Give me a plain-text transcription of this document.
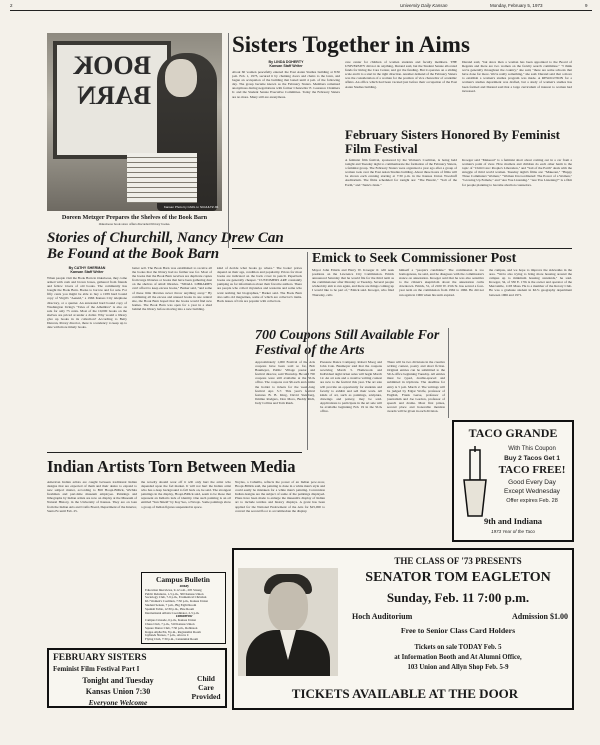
2	University Daily Kansan	Monday, February 5, 1973	9
BOOK
BARN
Kansan Photo by CARL H. SCHULTZ JR.
Doreen Metzger Prepares the Shelves of the Book Barn
Oskaloosa book store offers discarded library books.
Stories of Churchill, Nancy Drew Can Be Found at the Book Barn
By CATHY SHERMAN
Kansan Staff Writer
When people visit the Book Barn in Oskaloosa, they come armed with cash and brown boxes, gathered from friends and fellow lovers of old books. The community has bought the Book Barn. Books to borrow and for sale. For fifty cents you might be able to buy a 1939 hard bound copy of Virgil's "Aeneid," a 1966 Kansas City telephone directory, or a quarter. An annotated hard bound copy of Washington Irving's "Tales of the Alhambra" is also on sale for only 75 cents. Most of the 10,000 books on the shelves are priced at under a dollar. Why would a library give up books in its collection? According to Betty Duncan, library director, there is a tendency to keep up to date with more timely books.
better sell. The Book Barn was established to receive all the books that the library had no further use for. Most of the books that the Book Barn receives are duplicate copies from large libraries or books that have been gathering dust on the shelves of small libraries. "SMALL LIBRARIES can't afford to keep excess books," Barker said, "and some of these little libraries never throw anything away." By combining all the excess and unused books in one central site, the Book Barn hoped that the books would find new homes. The Book Barn was open for a year in a shed behind the library before moving into a new building.
kind of decide what books go where." The books' prices depend on their age, condition and popularity. Prices for most books are indicated on the back cover in pencil. Paperback books are generally cheaper. "CUSTOMERS ARE constantly pumping us for information about their favorite authors. There are people who collect mysteries and westerns and some who want nothing but biographies," Barker said. The Book Barn also sells old magazines, some of which are collector's items. Back issues of Life are popular with collectors.
Sisters Together in Aims
By LINDA DOHERTY
Kansan Staff Writer
About 60 women peacefully entered the East Asian Studies building at 8:30 p.m. Feb. 1, 1973, secured it by chaining doors and chairs to the lawn, and began an occupation of the building that lasted until 4 p.m. of the following day. The group became known as the February Sisters. Members remained anonymous during negotiations with former Chancellor E. Laurence Chalmers Jr. and the Student Senate Executive Committee. Today the February Sisters are no more. Many still are anonymous.
care center for children of women students and faculty members. THE UNIVERSITY did not do anything, Durand said, but the Student Senate allocated funds for hiring the Care Center, and got the funding. But it operates on a sliding scale and it is a start in the right direction. Another demand of the February Sisters was the consideration of a woman for the position of vice chancellor of academic affairs. An office which had been vacated just before their occupation of the East Asian Studies building.
Durand said, "but since then a woman has been appointed to the Board of Regents and there are two women on the faculty search committee." "I think we're generally throughout the country," she said, "there are some schools that have done far more. We're really something," she said. Durand said that a move to establish a women's studies program was made. A RESOLUTION for a women's studies department was drafted, but a study of women's studies has been formed and Durand said that a large curriculum of interest to women had increased.
February Sisters Honored By Feminist Film Festival
A feminist film festival, sponsored by the Women's Coalition, is being held tonight and Tuesday night to commemorate the formation of the February Sisters, a feminist group. The February Sisters were organized a year ago after a group of women took over the East Asian Studies building. About three hours of films will be shown each evening starting at 7:30 p.m. in the Kansas Union Woodruff Auditorium. The films scheduled for tonight are: "The Heretic," "Salt of the Earth," and "Janie's Janie."
Kroeger said "Makeout" is a feminist short about coming out in a car from a woman's point of view. How mothers and children do each other harm is the topic of "Child Care: People's Liberation," and "Salt of the Earth" deals with the struggle of third world women. Tuesday night's films are: "Makeout," "Happy Three Commuters' Women," "Women Uncoordinated: The Power of a Woman," "Growing Up Female," and "Are You Listening." "Are You Listening?" is a film for people planning to become abortion counselors.
Emick to Seek Commissioner Post
Mayor John Emick and Harry W. Kroeger Jr. will seek positions on the Lawrence City Commission. Emick announced Saturday that he would file for the third term as the commissioner after Monday or Tuesday. Several people wished my aim to run again, and there are things coming up I would like to be part of," Emick said. Kroeger, who filed Thursday, calls
himself a "people's candidate." The commission is too homogenous, he said, and he disagrees with the commission's stance on annexation. Kroeger said that he was also sensitive to the citizen's skepticism about the annexation curbs downtown. Emick, 51, of 2100 W. 25th St. has served a four-year term on the commission from 1962 to 1966. He did not run again in 1966 when his term expired.
the campus, and we hope to improve the sidewalks in the area. "We're also trying to bring more housing around the campus up to minimum housing standards," he said. Kroeger, 34, of 330 E. 17th is the owner and operator of the Mercantile, 1103 Mass. He is a member of the Rotary Club. He was a graduate student in KU's geography department between 1966 and 1971.
700 Coupons Still Available For Festival of the Arts
Approximately 1,000 Festival of the Arts coupons have been sold so far, Bob Baumeyer, Public Village pastor and festival director, said Thursday. He said 700 coupons were still available at the SUA office. The coupons cost $6 each and entitle the holder to tickets for the week-long festival Apr. 3-7. This year's festival features B. B. King, David Steinberg, Jimmie Rodgers, Don Moro, Buddy Rich, Judy Collins and Tom Rush.
Pressure Dance Company, Robert Moog and John Cale. Baumeyer said that the coupons receiving March 5. Homework and Individual night ticket sales will begin March 12. An art sale and a creative writing contest are new to the festival this year. The art sale will provide an opportunity for students and faculty to exhibit and sell their work. All kinds of art, such as paintings, sculpture, drawings and pottery, may be sold. Applications to participate in the art sale will be available beginning Feb. 19 in the SUA office.
There will be two divisions in the creative writing contest, poetry and short fiction. Original entries can be submitted to the SUA office beginning Tuesday. All entries must be typed, double-spaced and submitted in triplicate. The deadline for entry is 5 p.m. March 2. The writings will be judged by Edgar Wolfe, professor of English, Frank Gerse, professor of journalism and Joe Gordon, professor of speech and drama. Most first prizes, second place and honorable mention awards will be given in each division.
TACO GRANDE
With This Coupon
Buy 2 Tacos Get 1
TACO FREE!
Good Every Day
Except Wednesday
Offer expires Feb. 28
9th and Indiana
1973 Year of the Taco
Indian Artists Torn Between Media
American Indian artists are caught between traditional Indian designs that are expected of them and their desire to expand to new subject matter, according to Bill Hoopi-Billick, Wichita freshman and part-time museum employee. Paintings and lithographs by Indian artists are now on display at the Museum of Natural History, in the University of Kansas. They are on loan from the Indian Arts and Crafts Board, Department of the Interior, Santa Fe until Feb. 25.
the novelty should wear off it will only hurt the artist who depended upon the fad market. It will not hurt the Indian artist who has a deep background to fall back on, he said. The strongest paintings in the display, Hoopi-Billick said, seem to be those that represent an Indian's lack of identity. One such painting is an oil entitled "Sun Shield" by Kay Seo, a Navajo. Some paintings show a group of Indian figures suspended in space.
Noyles, a Cahuilla, reflects the power of an Indian pow-wow, Hoopi-Billick said, the painting is done in a white man's style and could easily be mistaken for a white man's painting. Convention Indian designs are the subject of some of the paintings displayed. Plans have been made to enlarge the museum's display of Indian art to include textiles and history displays. A grant has been applied for the National Endowment of the Arts for $25,000 to convert the second floor to accommodate the display.
Campus Bulletin
Today
Education Interviews, 9-12 a.m., 205 Strong
Public Relations, 1-5 p.m., 300 Kansas Union
Sociology Club, 7-9 p.m., Ecumenical Christian
KU Women's Coalition, 7:30 p.m., Kansas Union
Student Senate, 7 p.m., Big Eight Room
Spanish Table, 12:30 p.m., Pine Room
International Affairs Coordinator, 2-5 p.m.
Tomorrow
Campus Crusade, 6 p.m., Kansas Union
Chess Club, 7 p.m., 310 Kansas Union
Square Dance Club, 7:30 p.m., Robinson
Kappa Alpha Psi, 8 p.m., Regionalist Room
Jayhawk Nurses, 7 p.m., Alcove C
Flying Club, 7:30 p.m., Centennial Room
FEBRUARY SISTERS
Feminist Film Festival Part I
Tonight and Tuesday
Kansas Union 7:30
Everyone Welcome
Child
Care
Provided
THE CLASS OF '73 PRESENTS
SENATOR TOM EAGLETON
Sunday, Feb. 11 7:00 p.m.
Hoch Auditorium	Admission $1.00
Free to Senior Class Card Holders
Tickets on sale TODAY Feb. 5
at Information Booth and At Alumni Office,
103 Union and Allyn Shop Feb. 5-9
TICKETS AVAILABLE AT THE DOOR
